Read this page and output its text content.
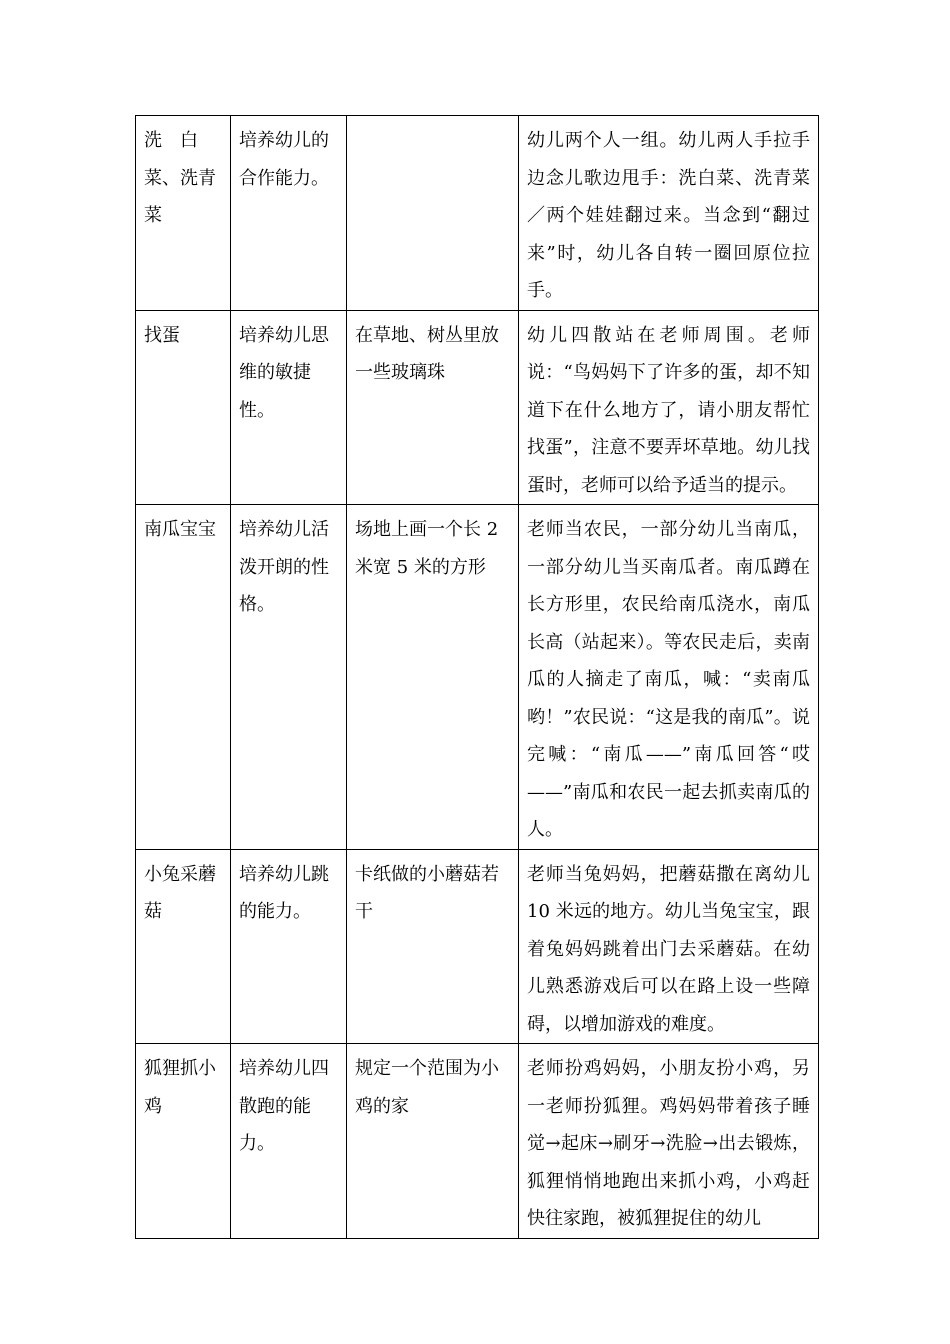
洗　白菜、洗青菜	培养幼儿的合作能力。		幼儿两个人一组。幼儿两人手拉手边念儿歌边甩手：洗白菜、洗青菜／两个娃娃翻过来。当念到“翻过来”时，幼儿各自转一圈回原位拉手。
找蛋	培养幼儿思维的敏捷性。	在草地、树丛里放一些玻璃珠	幼儿四散站在老师周围。老师说：“鸟妈妈下了许多的蛋，却不知道下在什么地方了，请小朋友帮忙找蛋”，注意不要弄坏草地。幼儿找蛋时，老师可以给予适当的提示。
南瓜宝宝	培养幼儿活泼开朗的性格。	场地上画一个长 2 米宽 5 米的方形	老师当农民，一部分幼儿当南瓜，一部分幼儿当买南瓜者。南瓜蹲在长方形里，农民给南瓜浇水，南瓜长高（站起来）。等农民走后，卖南瓜的人摘走了南瓜，喊：“卖南瓜哟！”农民说：“这是我的南瓜”。说完喊：“南瓜——”南瓜回答“哎——”南瓜和农民一起去抓卖南瓜的人。
小兔采蘑菇	培养幼儿跳的能力。	卡纸做的小蘑菇若干	老师当兔妈妈，把蘑菇撒在离幼儿 10 米远的地方。幼儿当兔宝宝，跟着兔妈妈跳着出门去采蘑菇。在幼儿熟悉游戏后可以在路上设一些障碍，以增加游戏的难度。
狐狸抓小鸡	培养幼儿四散跑的能力。	规定一个范围为小鸡的家	老师扮鸡妈妈，小朋友扮小鸡，另一老师扮狐狸。鸡妈妈带着孩子睡觉→起床→刷牙→洗脸→出去锻炼，狐狸悄悄地跑出来抓小鸡，小鸡赶快往家跑，被狐狸捉住的幼儿
